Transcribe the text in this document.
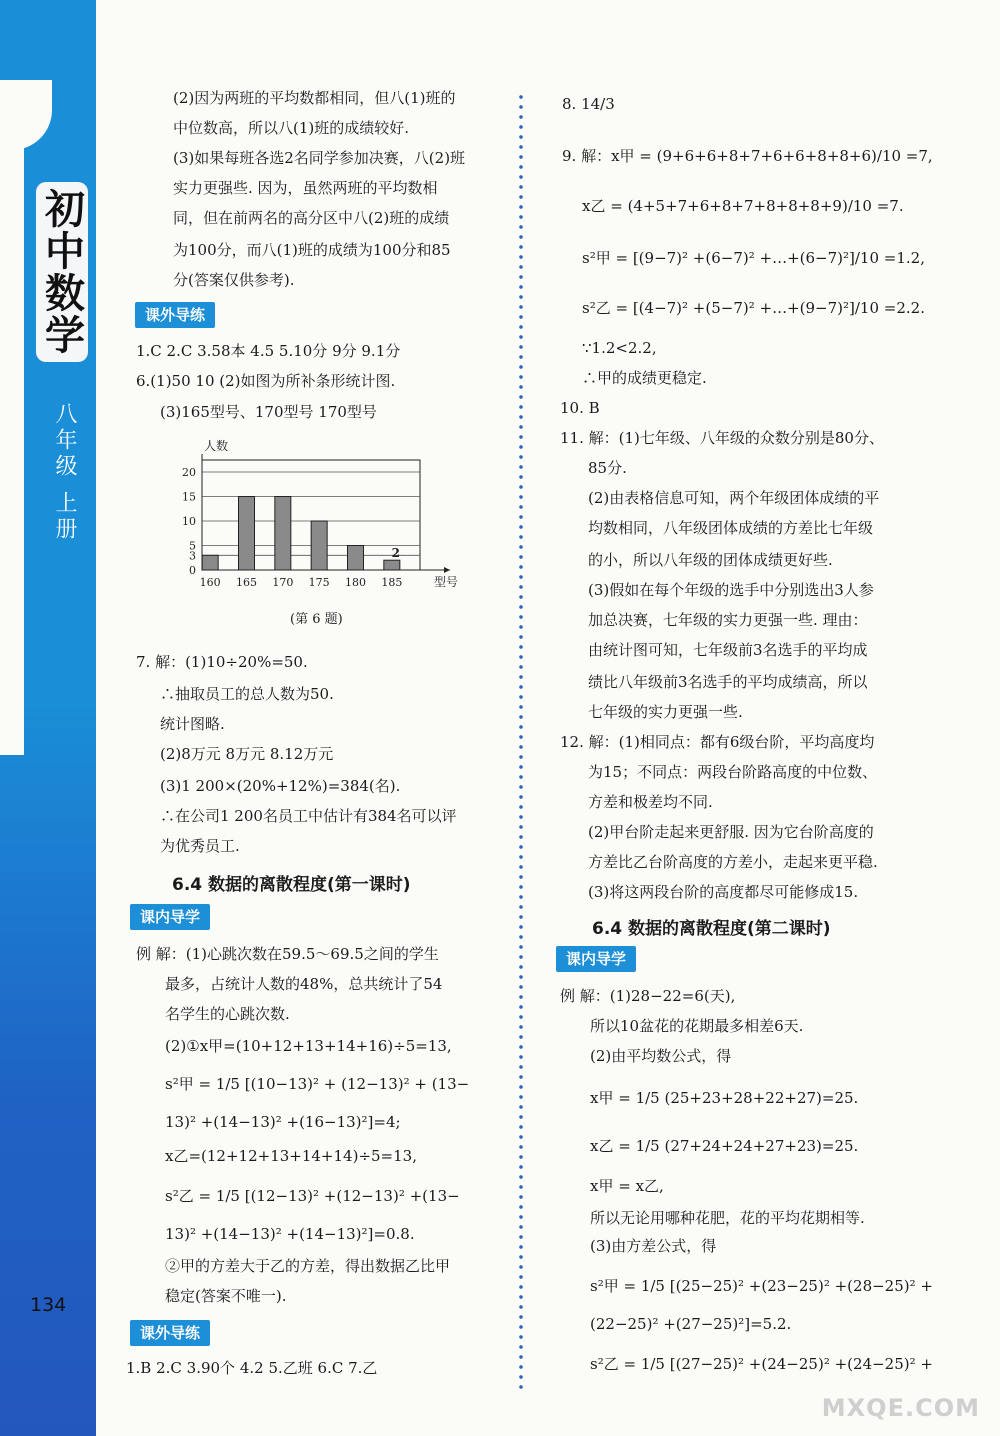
初中数学
八年级 上册
134
(2)因为两班的平均数都相同，但八(1)班的
中位数高，所以八(1)班的成绩较好.
(3)如果每班各选2名同学参加决赛，八(2)班
实力更强些. 因为，虽然两班的平均数相
同，但在前两名的高分区中八(2)班的成绩
为100分，而八(1)班的成绩为100分和85
分(答案仅供参考).
课外导练
1.C 2.C 3.58本 4.5 5.10分 9分 9.1分
6.(1)50 10 (2)如图为所补条形统计图.
(3)165型号、170型号 170型号
0
3
5
10
15
20
人数
型号
160 165 170 175 180 185
2
(第 6 题)
7. 解：(1)10÷20%=50.
∴抽取员工的总人数为50.
统计图略.
(2)8万元 8万元 8.12万元
(3)1 200×(20%+12%)=384(名).
∴在公司1 200名员工中估计有384名可以评
为优秀员工.
6.4 数据的离散程度(第一课时)
课内导学
例 解：(1)心跳次数在59.5～69.5之间的学生
最多，占统计人数的48%，总共统计了54
名学生的心跳次数.
(2)①x甲=(10+12+13+14+16)÷5=13,
s²甲 = 1/5 [(10−13)² + (12−13)² + (13−
13)² +(14−13)² +(16−13)²]=4;
x乙=(12+12+13+14+14)÷5=13,
s²乙 = 1/5 [(12−13)² +(12−13)² +(13−
13)² +(14−13)² +(14−13)²]=0.8.
②甲的方差大于乙的方差，得出数据乙比甲
稳定(答案不唯一).
课外导练
1.B 2.C 3.90个 4.2 5.乙班 6.C 7.乙
8. 14/3
9. 解：x甲 = (9+6+6+8+7+6+6+8+8+6)/10 =7,
x乙 = (4+5+7+6+8+7+8+8+8+9)/10 =7.
s²甲 = [(9−7)² +(6−7)² +…+(6−7)²]/10 =1.2,
s²乙 = [(4−7)² +(5−7)² +…+(9−7)²]/10 =2.2.
∵1.2<2.2,
∴甲的成绩更稳定.
10. B
11. 解：(1)七年级、八年级的众数分别是80分、
85分.
(2)由表格信息可知，两个年级团体成绩的平
均数相同，八年级团体成绩的方差比七年级
的小，所以八年级的团体成绩更好些.
(3)假如在每个年级的选手中分别选出3人参
加总决赛，七年级的实力更强一些. 理由：
由统计图可知，七年级前3名选手的平均成
绩比八年级前3名选手的平均成绩高，所以
七年级的实力更强一些.
12. 解：(1)相同点：都有6级台阶，平均高度均
为15；不同点：两段台阶路高度的中位数、
方差和极差均不同.
(2)甲台阶走起来更舒服. 因为它台阶高度的
方差比乙台阶高度的方差小，走起来更平稳.
(3)将这两段台阶的高度都尽可能修成15.
6.4 数据的离散程度(第二课时)
课内导学
例 解：(1)28−22=6(天),
所以10盆花的花期最多相差6天.
(2)由平均数公式，得
x甲 = 1/5 (25+23+28+22+27)=25.
x乙 = 1/5 (27+24+24+27+23)=25.
x甲 = x乙,
所以无论用哪种花肥，花的平均花期相等.
(3)由方差公式，得
s²甲 = 1/5 [(25−25)² +(23−25)² +(28−25)² +
(22−25)² +(27−25)²]=5.2.
s²乙 = 1/5 [(27−25)² +(24−25)² +(24−25)² +
MXQE.COM
